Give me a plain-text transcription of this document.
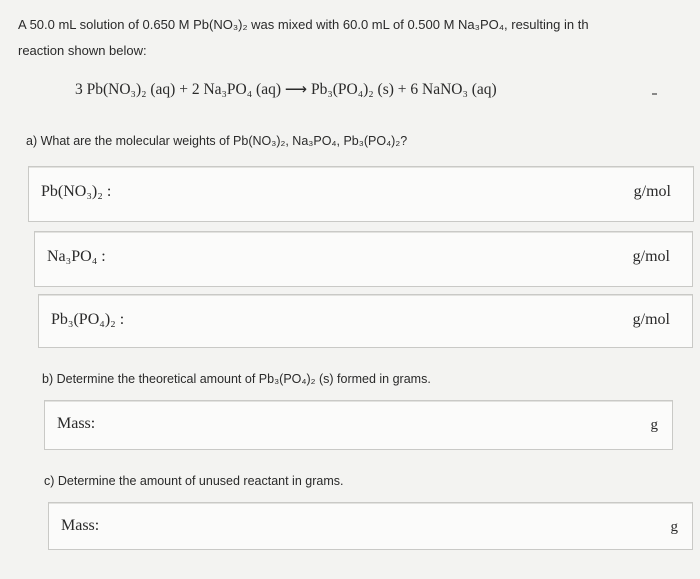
A 50.0 mL solution of 0.650 M Pb(NO₃)₂ was mixed with 60.0 mL of 0.500 M Na₃PO₄, resulting in th
reaction shown below:
3 Pb(NO₃)₂ (aq) + 2 Na₃PO₄ (aq) ⟶ Pb₃(PO₄)₂ (s) + 6 NaNO₃ (aq)
a) What are the molecular weights of Pb(NO₃)₂, Na₃PO₄, Pb₃(PO₄)₂?
Pb(NO₃)₂ :	g/mol
Na₃PO₄ :	g/mol
Pb₃(PO₄)₂ :	g/mol
b) Determine the theoretical amount of Pb₃(PO₄)₂ (s) formed in grams.
Mass:	g
c) Determine the amount of unused reactant in grams.
Mass:	g
